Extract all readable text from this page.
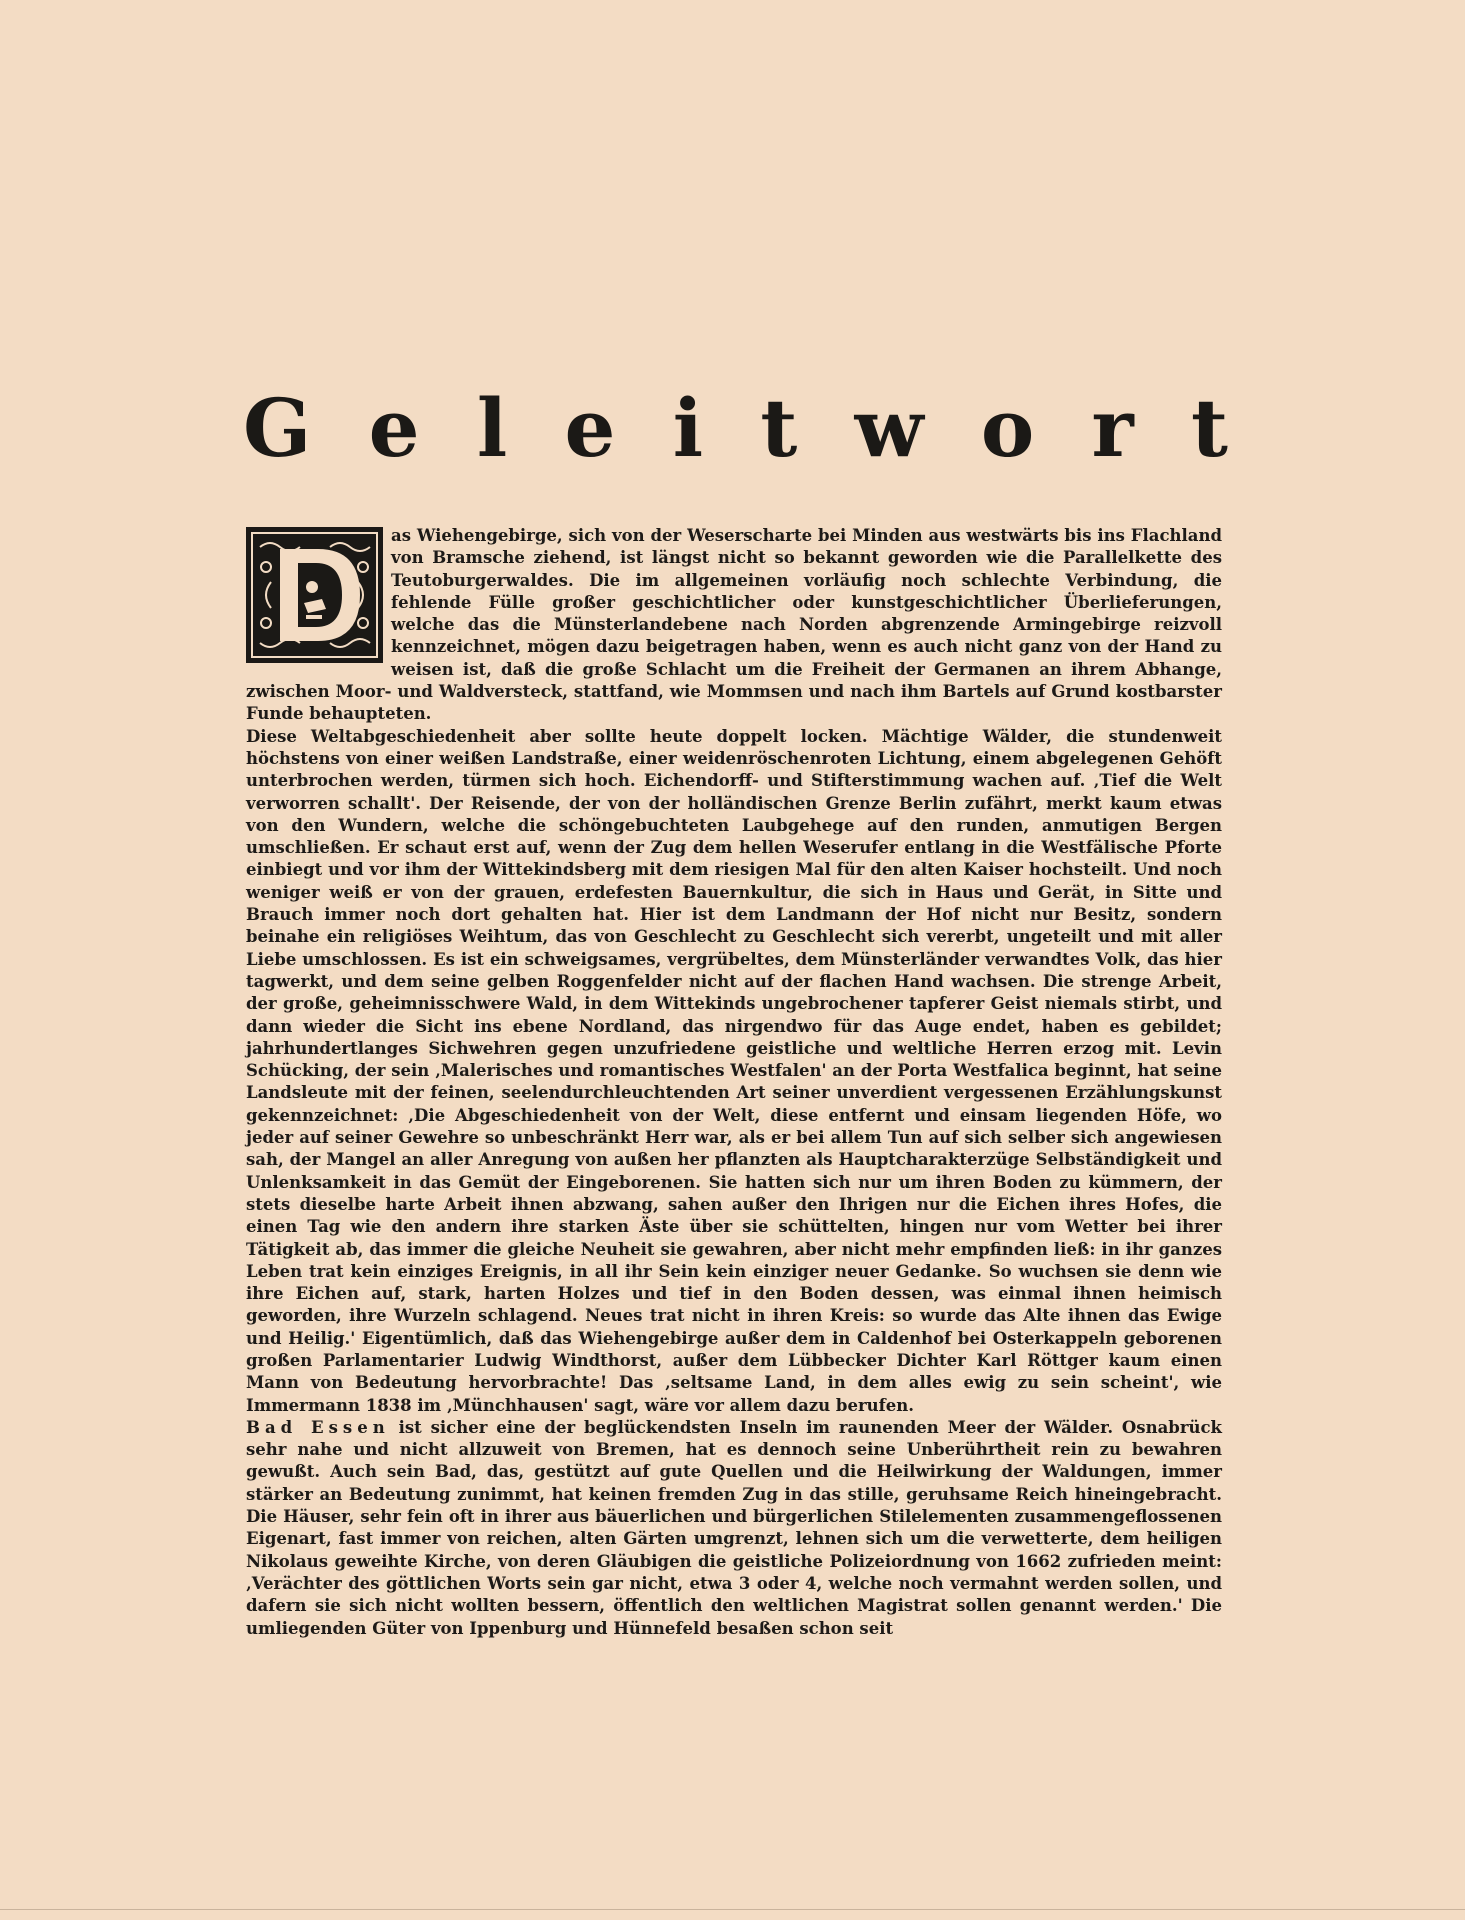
G e l e i t w o r t

as Wiehengebirge, sich von der Weserscharte bei Minden aus westwärts bis ins Flachland von Bramsche ziehend, ist längst nicht so bekannt geworden wie die Parallelkette des Teutoburgerwaldes. Die im allgemeinen vorläufig noch schlechte Verbindung, die fehlende Fülle großer geschichtlicher oder kunstgeschichtlicher Überlieferungen, welche das die Münsterlandebene nach Norden abgrenzende Armingebirge reizvoll kennzeichnet, mögen dazu beigetragen haben, wenn es auch nicht ganz von der Hand zu weisen ist, daß die große Schlacht um die Freiheit der Germanen an ihrem Abhange, zwischen Moor- und Waldversteck, stattfand, wie Mommsen und nach ihm Bartels auf Grund kostbarster Funde behaupteten.

Diese Weltabgeschiedenheit aber sollte heute doppelt locken. Mächtige Wälder, die stundenweit höchstens von einer weißen Landstraße, einer weidenröschenroten Lichtung, einem abgelegenen Gehöft unterbrochen werden, türmen sich hoch. Eichendorff- und Stifterstimmung wachen auf. ‚Tief die Welt verworren schallt'. Der Reisende, der von der holländischen Grenze Berlin zufährt, merkt kaum etwas von den Wundern, welche die schöngebuchteten Laubgehege auf den runden, anmutigen Bergen umschließen. Er schaut erst auf, wenn der Zug dem hellen Weserufer entlang in die Westfälische Pforte einbiegt und vor ihm der Wittekindsberg mit dem riesigen Mal für den alten Kaiser hochsteilt. Und noch weniger weiß er von der grauen, erdefesten Bauernkultur, die sich in Haus und Gerät, in Sitte und Brauch immer noch dort gehalten hat. Hier ist dem Landmann der Hof nicht nur Besitz, sondern beinahe ein religiöses Weihtum, das von Geschlecht zu Geschlecht sich vererbt, ungeteilt und mit aller Liebe umschlossen. Es ist ein schweigsames, vergrübeltes, dem Münsterländer verwandtes Volk, das hier tagwerkt, und dem seine gelben Roggenfelder nicht auf der flachen Hand wachsen. Die strenge Arbeit, der große, geheimnisschwere Wald, in dem Wittekinds ungebrochener tapferer Geist niemals stirbt, und dann wieder die Sicht ins ebene Nordland, das nirgendwo für das Auge endet, haben es gebildet; jahrhundertlanges Sichwehren gegen unzufriedene geistliche und weltliche Herren erzog mit. Levin Schücking, der sein ‚Malerisches und romantisches Westfalen' an der Porta Westfalica beginnt, hat seine Landsleute mit der feinen, seelendurchleuchtenden Art seiner unverdient vergessenen Erzählungskunst gekennzeichnet: ‚Die Abgeschiedenheit von der Welt, diese entfernt und einsam liegenden Höfe, wo jeder auf seiner Gewehre so unbeschränkt Herr war, als er bei allem Tun auf sich selber sich angewiesen sah, der Mangel an aller Anregung von außen her pflanzten als Hauptcharakterzüge Selbständigkeit und Unlenksamkeit in das Gemüt der Eingeborenen. Sie hatten sich nur um ihren Boden zu kümmern, der stets dieselbe harte Arbeit ihnen abzwang, sahen außer den Ihrigen nur die Eichen ihres Hofes, die einen Tag wie den andern ihre starken Äste über sie schüttelten, hingen nur vom Wetter bei ihrer Tätigkeit ab, das immer die gleiche Neuheit sie gewahren, aber nicht mehr empfinden ließ: in ihr ganzes Leben trat kein einziges Ereignis, in all ihr Sein kein einziger neuer Gedanke. So wuchsen sie denn wie ihre Eichen auf, stark, harten Holzes und tief in den Boden dessen, was einmal ihnen heimisch geworden, ihre Wurzeln schlagend. Neues trat nicht in ihren Kreis: so wurde das Alte ihnen das Ewige und Heilig.' Eigentümlich, daß das Wiehengebirge außer dem in Caldenhof bei Osterkappeln geborenen großen Parlamentarier Ludwig Windthorst, außer dem Lübbecker Dichter Karl Röttger kaum einen Mann von Bedeutung hervorbrachte! Das ‚seltsame Land, in dem alles ewig zu sein scheint', wie Immermann 1838 im ‚Münchhausen' sagt, wäre vor allem dazu berufen.

Bad Essen ist sicher eine der beglückendsten Inseln im raunenden Meer der Wälder. Osnabrück sehr nahe und nicht allzuweit von Bremen, hat es dennoch seine Unberührtheit rein zu bewahren gewußt. Auch sein Bad, das, gestützt auf gute Quellen und die Heilwirkung der Waldungen, immer stärker an Bedeutung zunimmt, hat keinen fremden Zug in das stille, geruhsame Reich hineingebracht. Die Häuser, sehr fein oft in ihrer aus bäuerlichen und bürgerlichen Stilelementen zusammengeflossenen Eigenart, fast immer von reichen, alten Gärten umgrenzt, lehnen sich um die verwetterte, dem heiligen Nikolaus geweihte Kirche, von deren Gläubigen die geistliche Polizeiordnung von 1662 zufrieden meint: ‚Verächter des göttlichen Worts sein gar nicht, etwa 3 oder 4, welche noch vermahnt werden sollen, und dafern sie sich nicht wollten bessern, öffentlich den weltlichen Magistrat sollen genannt werden.' Die umliegenden Güter von Ippenburg und Hünnefeld besaßen schon seit
